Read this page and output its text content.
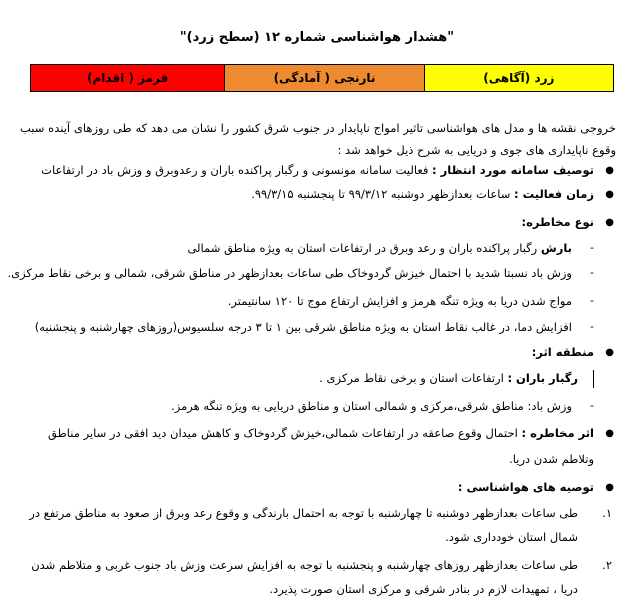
"هشدار هواشناسی شماره ۱۲ (سطح زرد)"
زرد (آگاهی)
نارنجی ( آمادگی)
قرمز ( اقدام)
خروجی نقشه ها و مدل های هواشناسی تاثیر امواج ناپایدار در جنوب شرق کشور را نشان می دهد که طی روزهای آینده سبب وقوع ناپایداری های جوی و دریایی به شرح ذیل خواهد شد :
●
توصیف سامانه مورد انتظار : فعالیت سامانه مونسونی و رگبار پراکنده باران و رعدوبرق و وزش باد در ارتفاعات
●
زمان فعالیت : ساعات بعدازظهر دوشنبه ۹۹/۳/۱۲ تا پنجشنبه ۹۹/۳/۱۵.
●
نوع مخاطره:
-
بارش رگبار پراکنده باران و رعد وبرق در ارتفاعات استان به ویژه مناطق شمالی
-
وزش باد نسبتا شدید با احتمال خیزش گردوخاک طی ساعات بعدازظهر در مناطق شرقی، شمالی و برخی نقاط مرکزی.
-
مواج شدن دریا به ویژه تنگه هرمز و افزایش ارتفاع موج تا ۱۲۰ سانتیمتر.
-
افزایش دما، در غالب نقاط استان به ویژه مناطق شرقی بین ۱ تا ۳ درجه سلسیوس(روزهای چهارشنبه و پنجشنبه)
●
منطقه اثر:
رگبار باران : ارتفاعات استان و برخی نقاط مرکزی .
-
وزش باد: مناطق شرقی،مرکزی و شمالی استان و مناطق دریایی به ویژه تنگه هرمز.
●
اثر مخاطره : احتمال وقوع صاعقه در ارتفاعات شمالی،خیزش گردوخاک و کاهش میدان دید افقی در سایر مناطق
وتلاطم شدن دریا.
●
توصیه های هواشناسی :
۱.
طی ساعات بعدازظهر دوشنبه تا چهارشنبه با توجه به احتمال بارندگی و وقوع رعد وبرق از صعود به مناطق مرتفع در
شمال استان خودداری شود.
۲.
طی ساعات بعدازظهر روزهای چهارشنبه و پنجشنبه با توجه به افزایش سرعت وزش باد جنوب غربی و متلاطم شدن
دریا ، تمهیدات لازم در بنادر شرقی و مرکزی استان صورت پذیرد.
